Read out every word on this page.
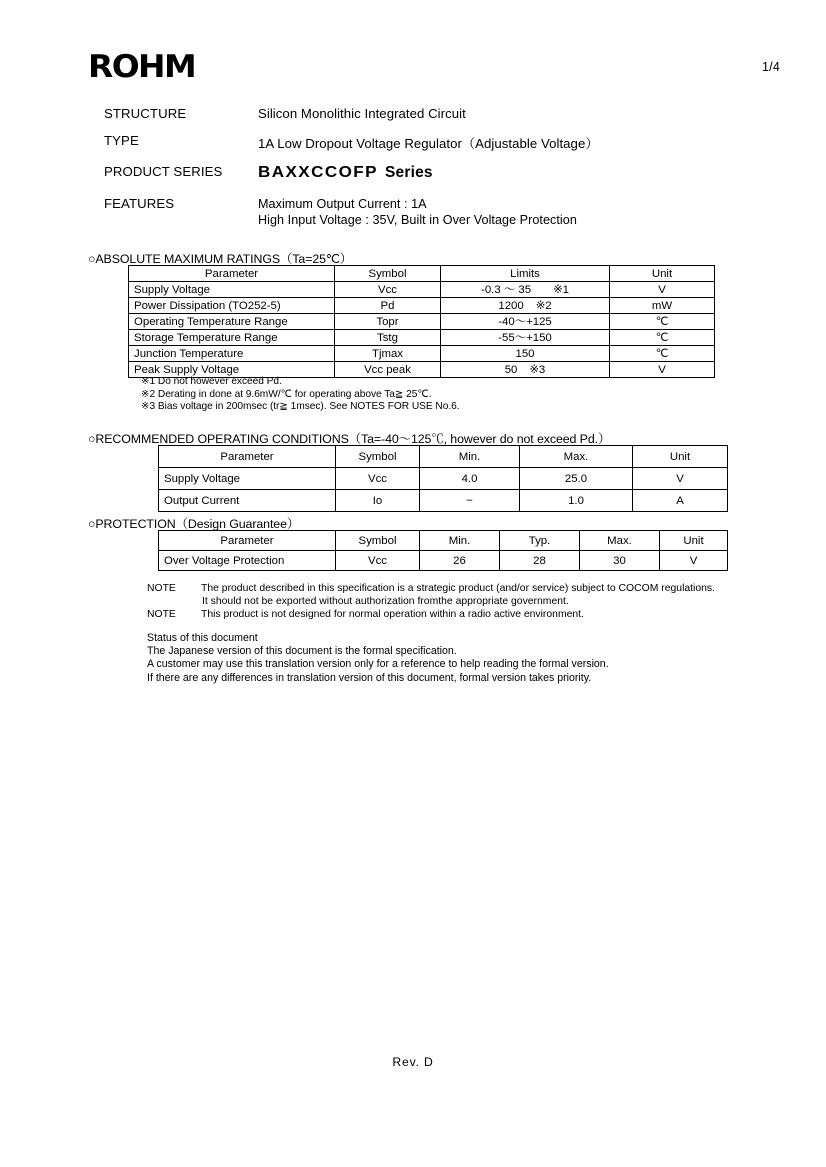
ROHM	1/4
STRUCTURE	Silicon Monolithic Integrated Circuit
TYPE	1A Low Dropout Voltage Regulator（Adjustable Voltage）
PRODUCT SERIES	BAXXCCOFP Series
FEATURES	Maximum Output Current : 1A
High Input Voltage : 35V, Built in Over Voltage Protection
○ABSOLUTE MAXIMUM RATINGS（Ta=25℃）
Parameter	Symbol	Limits	Unit
Supply Voltage	Vcc	-0.3 ～ 35 ※1	V
Power Dissipation (TO252-5)	Pd	1200 ※2	mW
Operating Temperature Range	Topr	-40～+125	℃
Storage Temperature Range	Tstg	-55～+150	℃
Junction Temperature	Tjmax	150	℃
Peak Supply Voltage	Vcc peak	50 ※3	V
※1 Do not however exceed Pd.
※2 Derating in done at 9.6mW/℃ for operating above Ta≧ 25℃.
※3 Bias voltage in 200msec (tr≧ 1msec). See NOTES FOR USE No.6.
○RECOMMENDED OPERATING CONDITIONS（Ta=-40～125℃, however do not exceed Pd.）
Parameter	Symbol	Min.	Max.	Unit
Supply Voltage	Vcc	4.0	25.0	V
Output Current	Io	−	1.0	A
○PROTECTION（Design Guarantee）
Parameter	Symbol	Min.	Typ.	Max.	Unit
Over Voltage Protection	Vcc	26	28	30	V
NOTE	The product described in this specification is a strategic product (and/or service) subject to COCOM regulations.
It should not be exported without authorization fromthe appropriate government.
NOTE	This product is not designed for normal operation within a radio active environment.
Status of this document
The Japanese version of this document is the formal specification.
A customer may use this translation version only for a reference to help reading the formal version.
If there are any differences in translation version of this document, formal version takes priority.
Rev. D
